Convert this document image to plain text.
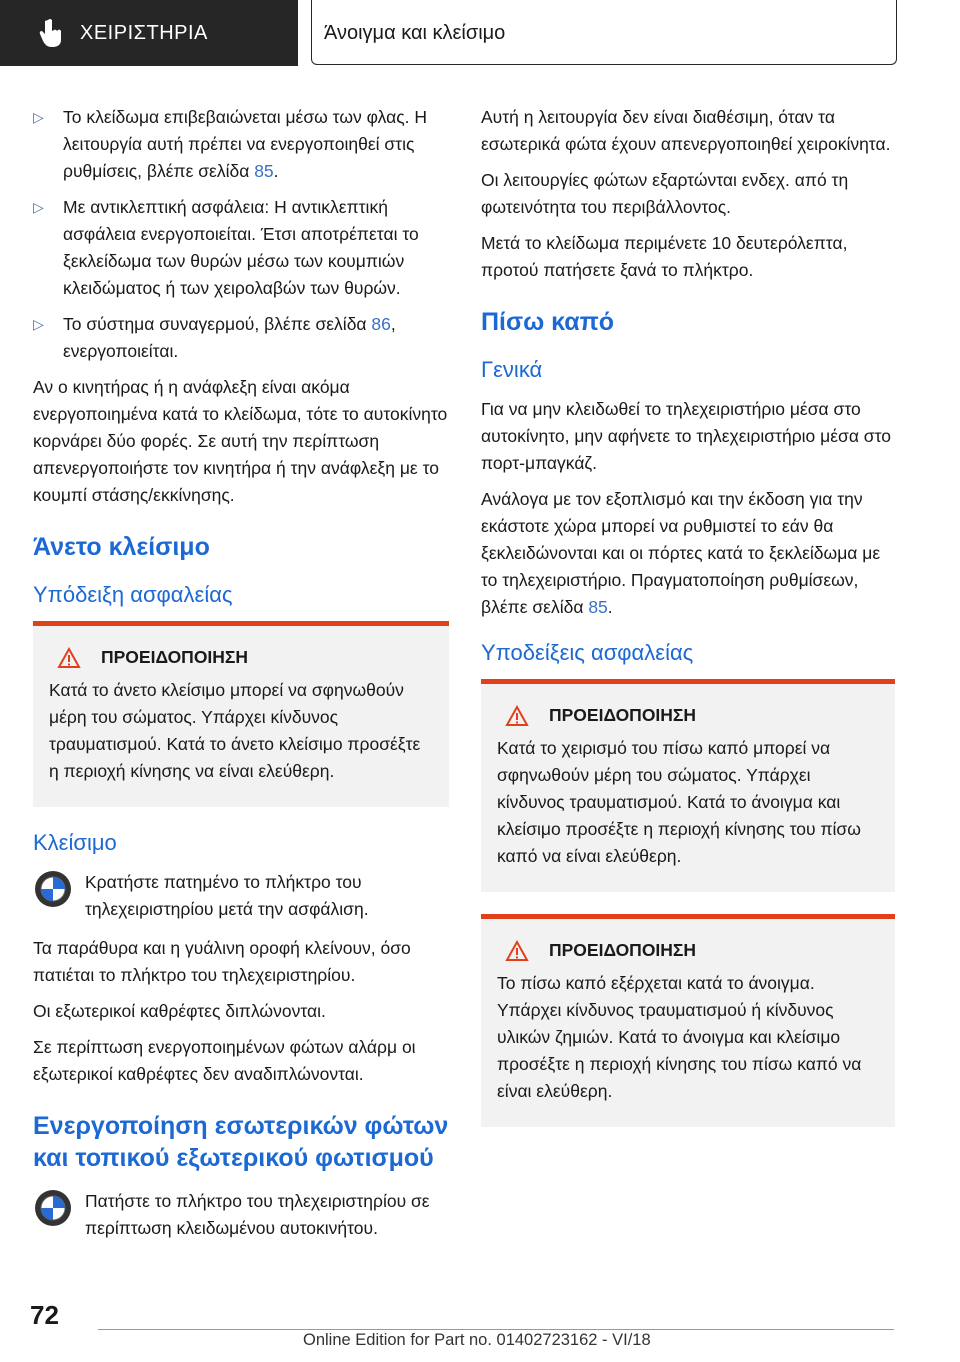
ΧΕΙΡΙΣΤΗΡΙΑ	Άνοιγμα και κλείσιμο
▷ Το κλείδωμα επιβεβαιώνεται μέσω των φλας. Η λειτουργία αυτή πρέπει να ενεργοποιηθεί στις ρυθμίσεις, βλέπε σελίδα 85.
▷ Με αντικλεπτική ασφάλεια: Η αντικλεπτική ασφάλεια ενεργοποιείται. Έτσι αποτρέπεται το ξεκλείδωμα των θυρών μέσω των κουμπιών κλειδώματος ή των χειρολαβών των θυρών.
▷ Το σύστημα συναγερμού, βλέπε σελίδα 86, ενεργοποιείται.

Αν ο κινητήρας ή η ανάφλεξη είναι ακόμα ενεργοποιημένα κατά το κλείδωμα, τότε το αυτοκίνητο κορνάρει δύο φορές. Σε αυτή την περίπτωση απενεργοποιήστε τον κινητήρα ή την ανάφλεξη με το κουμπί στάσης/εκκίνησης.

Άνετο κλείσιμο
Υπόδειξη ασφαλείας
ΠΡΟΕΙΔΟΠΟΙΗΣΗ
Κατά το άνετο κλείσιμο μπορεί να σφηνωθούν μέρη του σώματος. Υπάρχει κίνδυνος τραυματισμού. Κατά το άνετο κλείσιμο προσέξτε η περιοχή κίνησης να είναι ελεύθερη.
Κλείσιμο
Κρατήστε πατημένο το πλήκτρο του τηλεχειριστηρίου μετά την ασφάλιση.

Τα παράθυρα και η γυάλινη οροφή κλείνουν, όσο πατιέται το πλήκτρο του τηλεχειριστηρίου.

Οι εξωτερικοί καθρέφτες διπλώνονται.

Σε περίπτωση ενεργοποιημένων φώτων αλάρμ οι εξωτερικοί καθρέφτες δεν αναδιπλώνονται.

Ενεργοποίηση εσωτερικών φώτων και τοπικού εξωτερικού φωτισμού
Πατήστε το πλήκτρο του τηλεχειριστηρίου σε περίπτωση κλειδωμένου αυτοκινήτου.

Αυτή η λειτουργία δεν είναι διαθέσιμη, όταν τα εσωτερικά φώτα έχουν απενεργοποιηθεί χειροκίνητα.

Οι λειτουργίες φώτων εξαρτώνται ενδεχ. από τη φωτεινότητα του περιβάλλοντος.

Μετά το κλείδωμα περιμένετε 10 δευτερόλεπτα, προτού πατήσετε ξανά το πλήκτρο.

Πίσω καπό
Γενικά

Για να μην κλειδωθεί το τηλεχειριστήριο μέσα στο αυτοκίνητο, μην αφήνετε το τηλεχειριστήριο μέσα στο πορτ-μπαγκάζ.

Ανάλογα με τον εξοπλισμό και την έκδοση για την εκάστοτε χώρα μπορεί να ρυθμιστεί το εάν θα ξεκλειδώνονται και οι πόρτες κατά το ξεκλείδωμα με το τηλεχειριστήριο. Πραγματοποίηση ρυθμίσεων, βλέπε σελίδα 85.

Υποδείξεις ασφαλείας
ΠΡΟΕΙΔΟΠΟΙΗΣΗ
Κατά το χειρισμό του πίσω καπό μπορεί να σφηνωθούν μέρη του σώματος. Υπάρχει κίνδυνος τραυματισμού. Κατά το άνοιγμα και κλείσιμο προσέξτε η περιοχή κίνησης του πίσω καπό να είναι ελεύθερη.
ΠΡΟΕΙΔΟΠΟΙΗΣΗ
Το πίσω καπό εξέρχεται κατά το άνοιγμα. Υπάρχει κίνδυνος τραυματισμού ή κίνδυνος υλικών ζημιών. Κατά το άνοιγμα και κλείσιμο προσέξτε η περιοχή κίνησης του πίσω καπό να είναι ελεύθερη.
72
Online Edition for Part no. 01402723162 - VI/18
